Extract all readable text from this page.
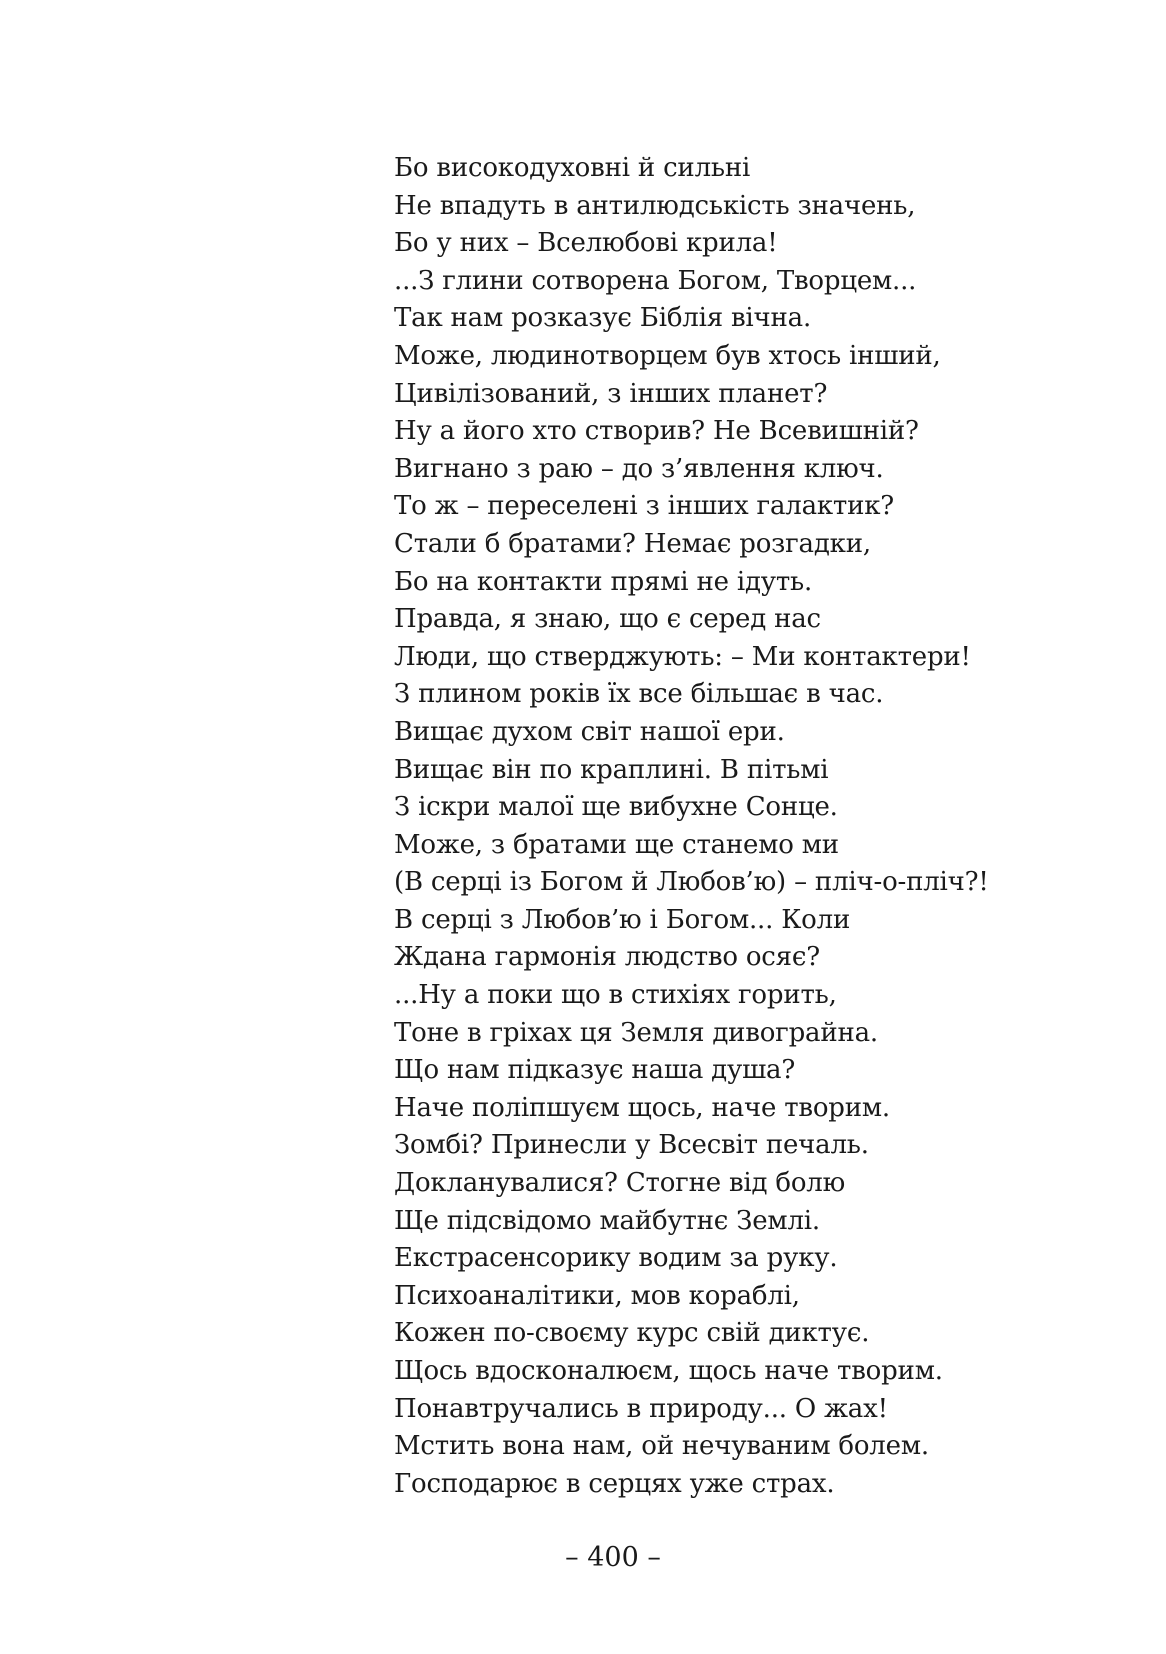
Бо високодуховні й сильні
Не впадуть в антилюдськість значень,
Бо у них – Вселюбові крила!
...З глини сотворена Богом, Творцем...
Так нам розказує Біблія вічна.
Може, людинотворцем був хтось інший,
Цивілізований, з інших планет?
Ну а його хто створив? Не Всевишній?
Вигнано з раю – до з’явлення ключ.
То ж – переселені з інших галактик?
Стали б братами? Немає розгадки,
Бо на контакти прямі не ідуть.
Правда, я знаю, що є серед нас
Люди, що стверджують: – Ми контактери!
З плином років їх все більшає в час.
Вищає духом світ нашої ери.
Вищає він по краплині. В пітьмі
З іскри малої ще вибухне Сонце.
Може, з братами ще станемо ми
(В серці із Богом й Любов’ю) – пліч-о-пліч?!
В серці з Любов’ю і Богом... Коли
Ждана гармонія людство осяє?
...Ну а поки що в стихіях горить,
Тоне в гріхах ця Земля дивограйна.
Що нам підказує наша душа?
Наче поліпшуєм щось, наче творим.
Зомбі? Принесли у Всесвіт печаль.
Докланувалися? Стогне від болю
Ще підсвідомо майбутнє Землі.
Екстрасенсорику водим за руку.
Психоаналітики, мов кораблі,
Кожен по-своєму курс свій диктує.
Щось вдосконалюєм, щось наче творим.
Понавтручались в природу... О жах!
Мстить вона нам, ой нечуваним болем.
Господарює в серцях уже страх.
– 400 –
